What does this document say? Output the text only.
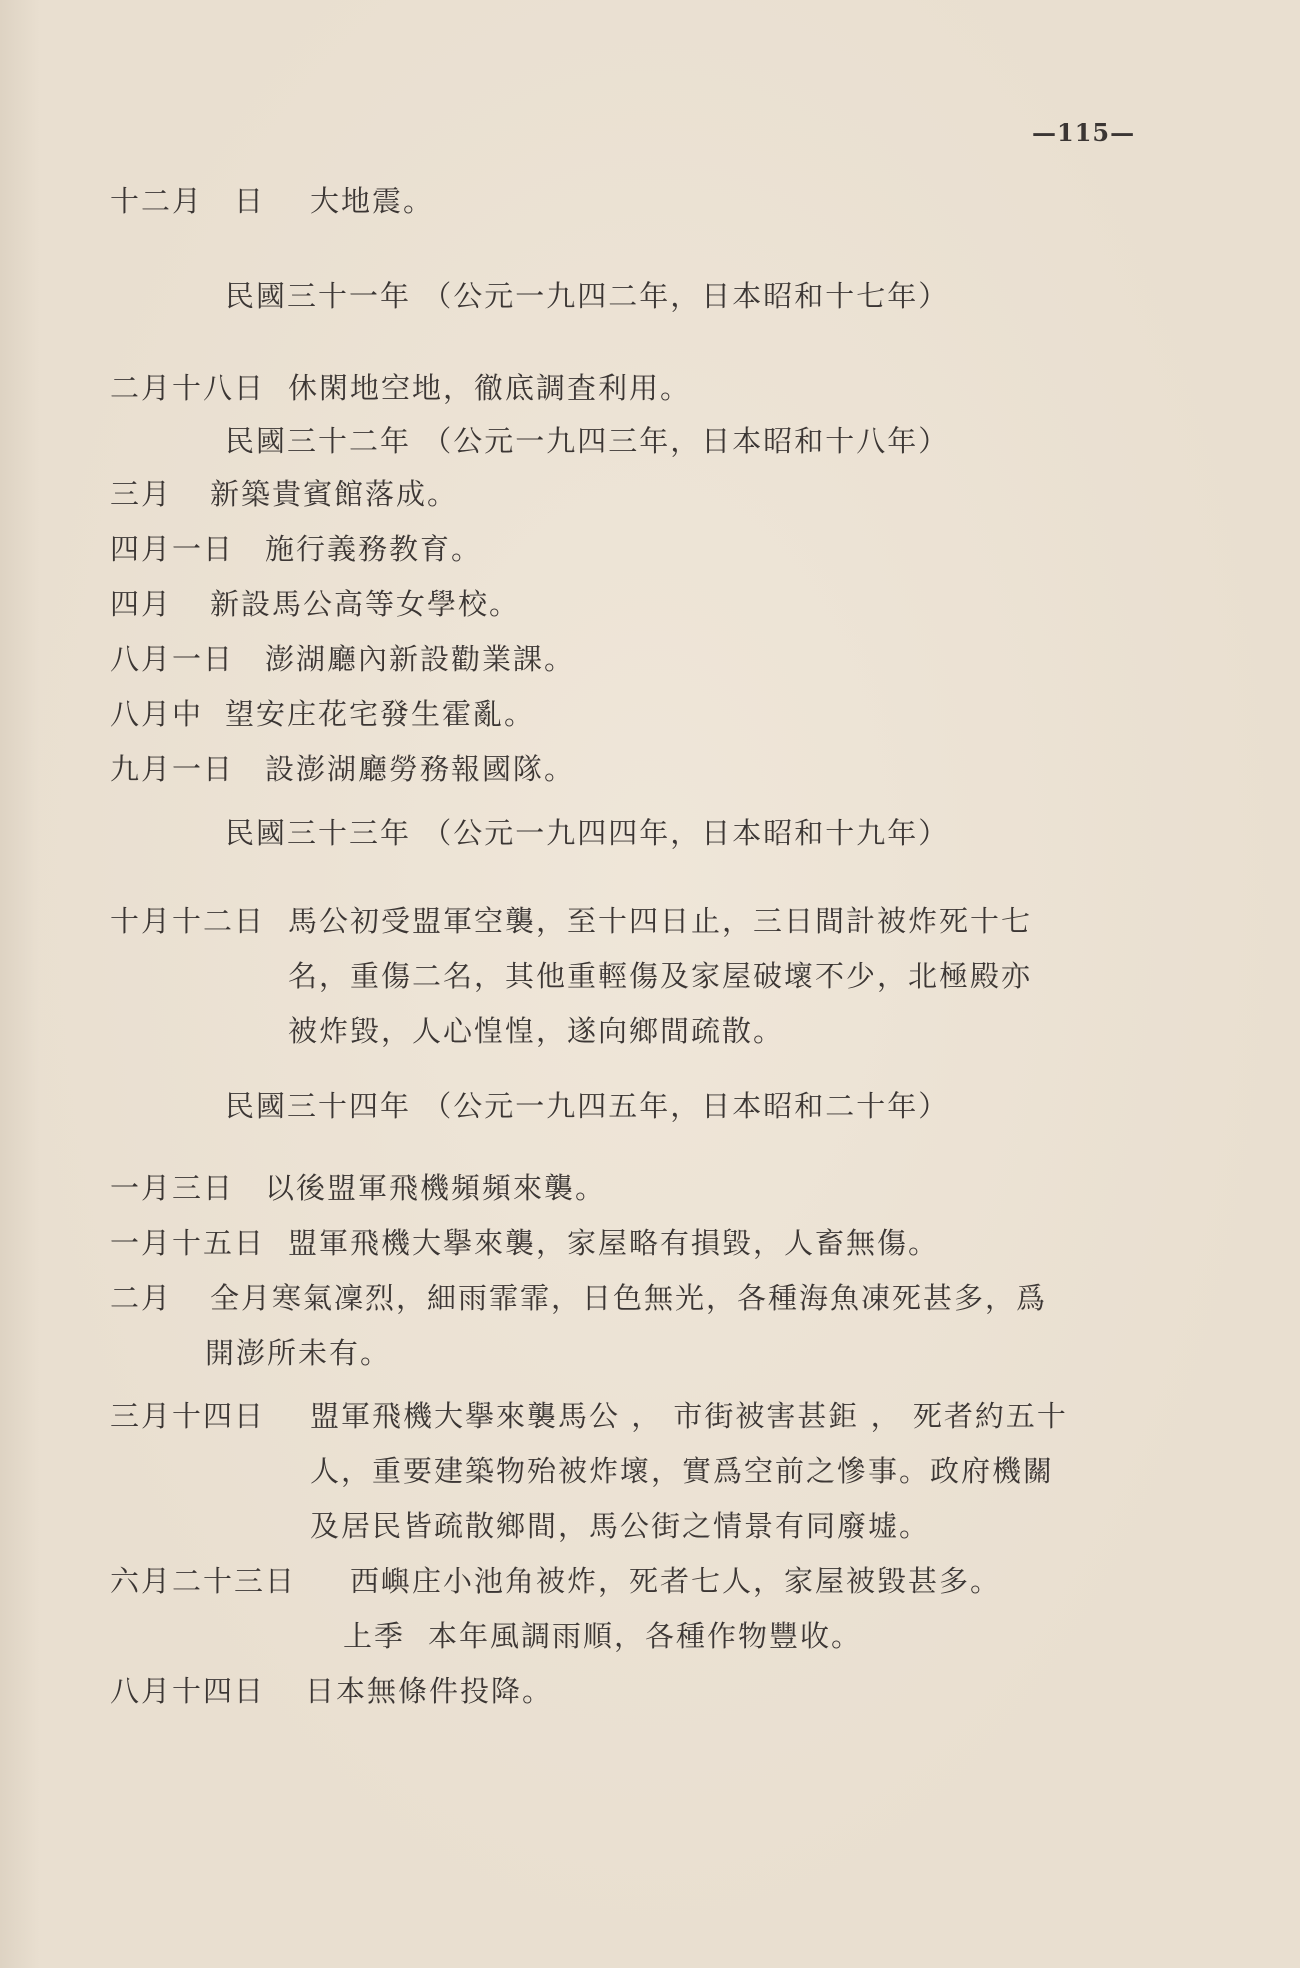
—115—
十二月　日 大地震。
民國三十一年 （公元一九四二年，日本昭和十七年）
二月十八日 休閑地空地，徹底調査利用。
民國三十二年 （公元一九四三年，日本昭和十八年）
三月 新築貴賓館落成。
四月一日 施行義務教育。
四月 新設馬公高等女學校。
八月一日 澎湖廳內新設勸業課。
八月中 望安庄花宅發生霍亂。
九月一日 設澎湖廳勞務報國隊。
民國三十三年 （公元一九四四年，日本昭和十九年）
十月十二日 馬公初受盟軍空襲，至十四日止，三日間計被炸死十七
名，重傷二名，其他重輕傷及家屋破壞不少，北極殿亦
被炸毀，人心惶惶，遂向鄉間疏散。
民國三十四年 （公元一九四五年，日本昭和二十年）
一月三日 以後盟軍飛機頻頻來襲。
一月十五日 盟軍飛機大擧來襲，家屋略有損毀，人畜無傷。
二月 全月寒氣凜烈，細雨霏霏，日色無光，各種海魚凍死甚多，爲
開澎所未有。
三月十四日 盟軍飛機大擧來襲馬公 ， 市街被害甚鉅 ， 死者約五十
人，重要建築物殆被炸壞，實爲空前之慘事。政府機關
及居民皆疏散鄉間，馬公街之情景有同廢墟。
六月二十三日 西嶼庄小池角被炸，死者七人，家屋被毀甚多。
上季 本年風調雨順，各種作物豐收。
八月十四日 日本無條件投降。
